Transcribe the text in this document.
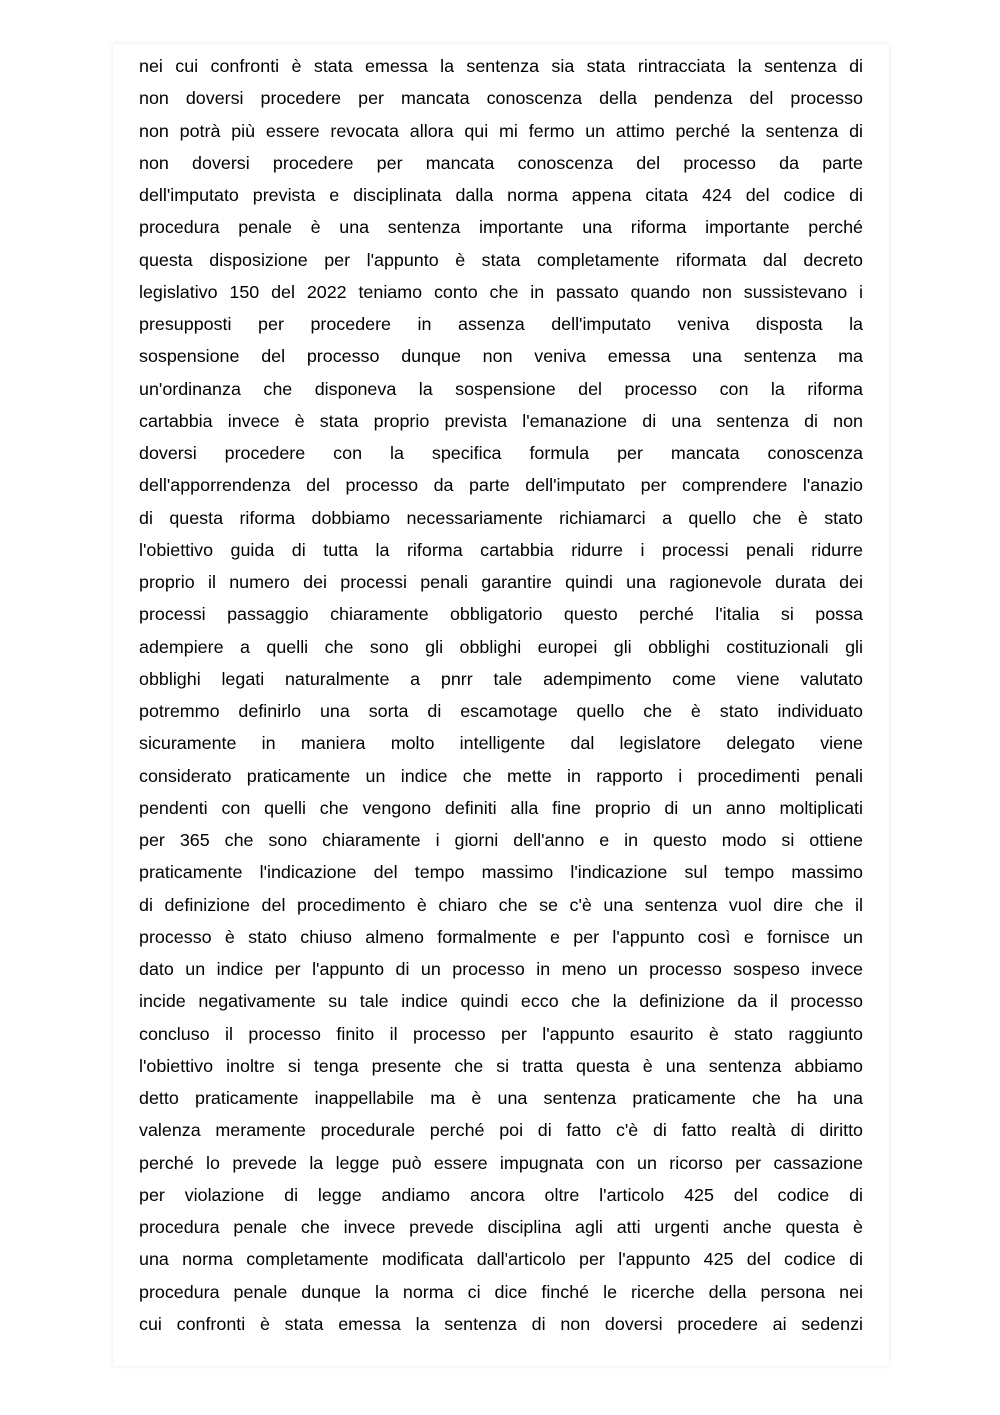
nei cui confronti è stata emessa la sentenza sia stata rintracciata la sentenza di
non doversi procedere per mancata conoscenza della pendenza del processo
non potrà più essere revocata allora qui mi fermo un attimo perché la sentenza di
non doversi procedere per mancata conoscenza del processo da parte
dell'imputato prevista e disciplinata dalla norma appena citata 424 del codice di
procedura penale è una sentenza importante una riforma importante perché
questa disposizione per l'appunto è stata completamente riformata dal decreto
legislativo 150 del 2022 teniamo conto che in passato quando non sussistevano i
presupposti per procedere in assenza dell'imputato veniva disposta la
sospensione del processo dunque non veniva emessa una sentenza ma
un'ordinanza che disponeva la sospensione del processo con la riforma
cartabbia invece è stata proprio prevista l'emanazione di una sentenza di non
doversi procedere con la specifica formula per mancata conoscenza
dell'apporrendenza del processo da parte dell'imputato per comprendere l'anazio
di questa riforma dobbiamo necessariamente richiamarci a quello che è stato
l'obiettivo guida di tutta la riforma cartabbia ridurre i processi penali ridurre
proprio il numero dei processi penali garantire quindi una ragionevole durata dei
processi passaggio chiaramente obbligatorio questo perché l'italia si possa
adempiere a quelli che sono gli obblighi europei gli obblighi costituzionali gli
obblighi legati naturalmente a pnrr tale adempimento come viene valutato
potremmo definirlo una sorta di escamotage quello che è stato individuato
sicuramente in maniera molto intelligente dal legislatore delegato viene
considerato praticamente un indice che mette in rapporto i procedimenti penali
pendenti con quelli che vengono definiti alla fine proprio di un anno moltiplicati
per 365 che sono chiaramente i giorni dell'anno e in questo modo si ottiene
praticamente l'indicazione del tempo massimo l'indicazione sul tempo massimo
di definizione del procedimento è chiaro che se c'è una sentenza vuol dire che il
processo è stato chiuso almeno formalmente e per l'appunto così e fornisce un
dato un indice per l'appunto di un processo in meno un processo sospeso invece
incide negativamente su tale indice quindi ecco che la definizione da il processo
concluso il processo finito il processo per l'appunto esaurito è stato raggiunto
l'obiettivo inoltre si tenga presente che si tratta questa è una sentenza abbiamo
detto praticamente inappellabile ma è una sentenza praticamente che ha una
valenza meramente procedurale perché poi di fatto c'è di fatto realtà di diritto
perché lo prevede la legge può essere impugnata con un ricorso per cassazione
per violazione di legge andiamo ancora oltre l'articolo 425 del codice di
procedura penale che invece prevede disciplina agli atti urgenti anche questa è
una norma completamente modificata dall'articolo per l'appunto 425 del codice di
procedura penale dunque la norma ci dice finché le ricerche della persona nei
cui confronti è stata emessa la sentenza di non doversi procedere ai sedenzi
